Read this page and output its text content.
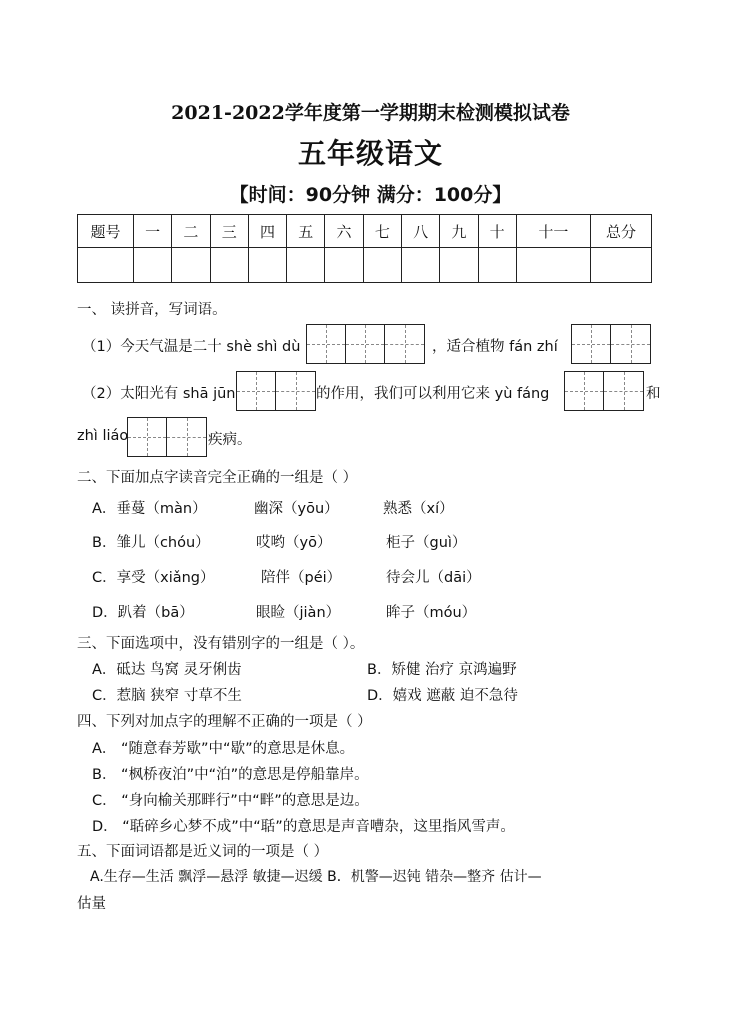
2021-2022学年度第一学期期末检测模拟试卷
五年级语文
【时间：90分钟 满分：100分】
题号	一	二	三	四	五	六	七	八	九	十	十一	总分

一、 读拼音，写词语。
（1）今天气温是二十 shè shì dù	，适合植物 fán zhí
（2）太阳光有 shā jūn	的作用，我们可以利用它来 yù fáng	和
zhì liáo	疾病。
二、下面加点字读音完全正确的一组是（ ）
A．垂蔓（màn）	幽深（yōu）	熟悉（xí）
B．雏儿（chóu）	哎哟（yō）	柜子（guì）
C．享受（xiǎng）	陪伴（péi）	待会儿（dāi）
D．趴着（bā）	眼睑（jiàn）	眸子（móu）
三、下面选项中，没有错别字的一组是（ ）。
A．砥达 鸟窝 灵牙俐齿	B．矫健 治疗 京鸿遍野
C．惹脑 狭窄 寸草不生	D．嬉戏 遮蔽 迫不急待
四、下列对加点字的理解不正确的一项是（ ）
A． “随意春芳歇”中“歇”的意思是休息。
B． “枫桥夜泊”中“泊”的意思是停船靠岸。
C． “身向榆关那畔行”中“畔”的意思是边。
D． “聒碎乡心梦不成”中“聒”的意思是声音嘈杂，这里指风雪声。
五、下面词语都是近义词的一项是（ ）
A.生存—生活 飘浮—悬浮 敏捷—迟缓 B．机警—迟钝 错杂—整齐 估计—
估量
